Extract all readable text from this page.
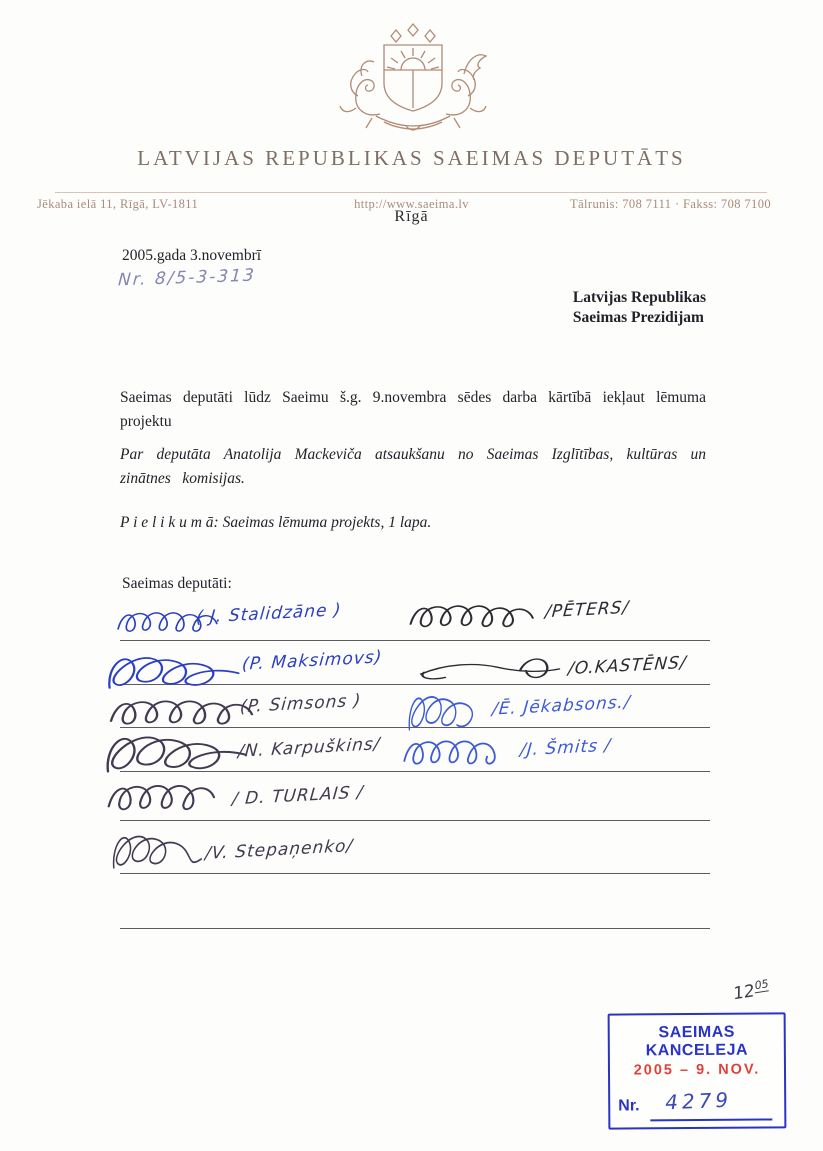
LATVIJAS REPUBLIKAS SAEIMAS DEPUTĀTS
Jēkaba ielā 11, Rīgā, LV-1811	http://www.saeima.lv	Tālrunis: 708 7111 · Fakss: 708 7100
Rīgā
2005.gada 3.novembrī
Nr. 8/5-3-313
Latvijas Republikas
Saeimas Prezidijam
Saeimas deputāti lūdz Saeimu š.g. 9.novembra sēdes darba kārtībā iekļaut lēmuma projektu
Par deputāta Anatolija Mackeviča atsaukšanu no Saeimas Izglītības, kultūras un zinātnes komisijas.
P i e l i k u m ā: Saeimas lēmuma projekts, 1 lapa.
Saeimas deputāti:
( J. Stalidzāne )
(P. Maksimovs)
(P. Simsons )
/N. Karpuškins/
/ D. TURLAIS /
/V. Stepaņenko/
/PĒTERS/
/O.KASTĒNS/
/Ē. Jēkabsons./
/J. Šmits /
$12^{05}$
SAEIMAS KANCELEJA
2005 – 9. NOV.
Nr. 4279
